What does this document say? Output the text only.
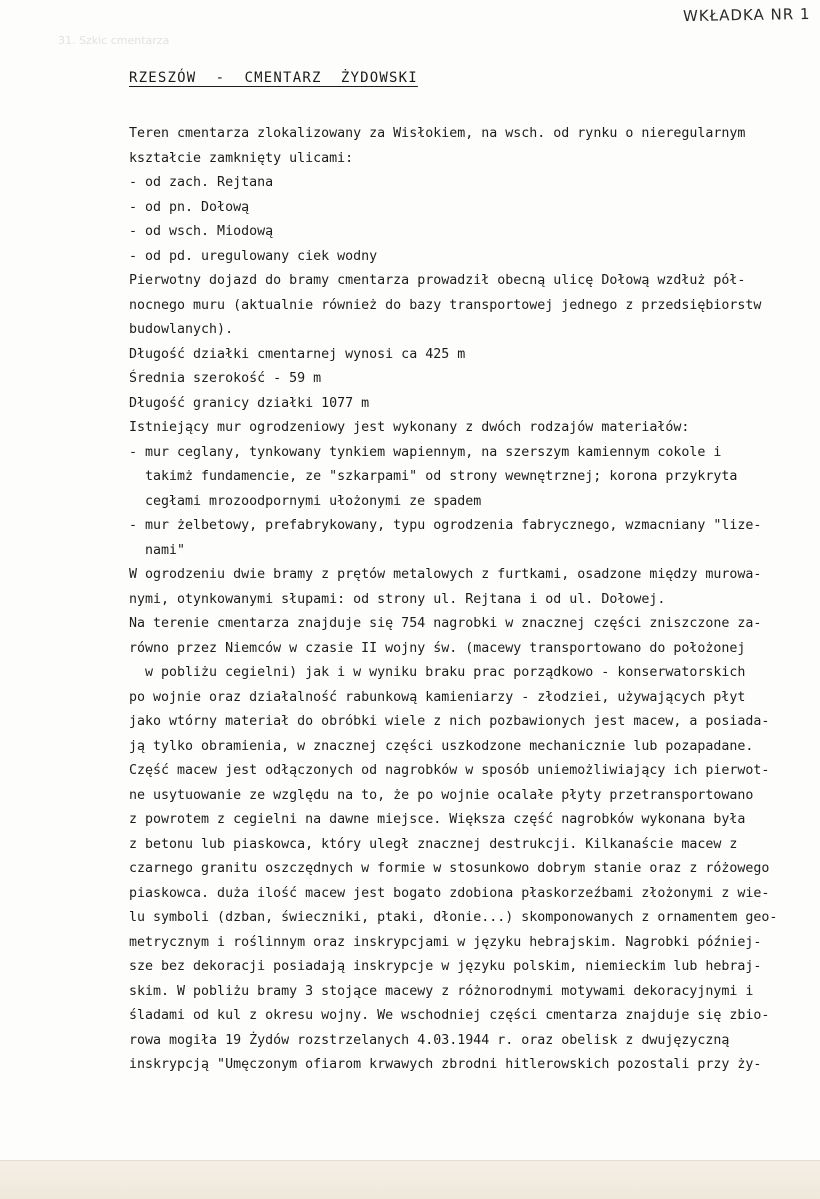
31. Szkic cmentarza
WKŁADKA NR 1
RZESZÓW  -  CMENTARZ  ŻYDOWSKI
Teren cmentarza zlokalizowany za Wisłokiem, na wsch. od rynku o nieregularnym
kształcie zamknięty ulicami:
- od zach. Rejtana
- od pn. Dołową
- od wsch. Miodową
- od pd. uregulowany ciek wodny
Pierwotny dojazd do bramy cmentarza prowadził obecną ulicę Dołową wzdłuż pół-
nocnego muru (aktualnie również do bazy transportowej jednego z przedsiębiorstw
budowlanych).
Długość działki cmentarnej wynosi ca 425 m
Średnia szerokość - 59 m
Długość granicy działki 1077 m
Istniejący mur ogrodzeniowy jest wykonany z dwóch rodzajów materiałów:
- mur ceglany, tynkowany tynkiem wapiennym, na szerszym kamiennym cokole i
takimż fundamencie, ze "szkarpami" od strony wewnętrznej; korona przykryta
cegłami mrozoodpornymi ułożonymi ze spadem
- mur żelbetowy, prefabrykowany, typu ogrodzenia fabrycznego, wzmacniany "lize-
nami"
W ogrodzeniu dwie bramy z prętów metalowych z furtkami, osadzone między murowa-
nymi, otynkowanymi słupami: od strony ul. Rejtana i od ul. Dołowej.
Na terenie cmentarza znajduje się 754 nagrobki w znacznej części zniszczone za-
równo przez Niemców w czasie II wojny św. (macewy transportowano do położonej
w pobliżu cegielni) jak i w wyniku braku prac porządkowo - konserwatorskich
po wojnie oraz działalność rabunkową kamieniarzy - złodziei, używających płyt
jako wtórny materiał do obróbki wiele z nich pozbawionych jest macew, a posiada-
ją tylko obramienia, w znacznej części uszkodzone mechanicznie lub pozapadane.
Część macew jest odłączonych od nagrobków w sposób uniemożliwiający ich pierwot-
ne usytuowanie ze względu na to, że po wojnie ocalałe płyty przetransportowano
z powrotem z cegielni na dawne miejsce. Większa część nagrobków wykonana była
z betonu lub piaskowca, który uległ znacznej destrukcji. Kilkanaście macew z
czarnego granitu oszczędnych w formie w stosunkowo dobrym stanie oraz z różowego
piaskowca. duża ilość macew jest bogato zdobiona płaskorzeźbami złożonymi z wie-
lu symboli (dzban, świeczniki, ptaki, dłonie...) skomponowanych z ornamentem geo-
metrycznym i roślinnym oraz inskrypcjami w języku hebrajskim. Nagrobki później-
sze bez dekoracji posiadają inskrypcje w języku polskim, niemieckim lub hebraj-
skim. W pobliżu bramy 3 stojące macewy z różnorodnymi motywami dekoracyjnymi i
śladami od kul z okresu wojny. We wschodniej części cmentarza znajduje się zbio-
rowa mogiła 19 Żydów rozstrzelanych 4.03.1944 r. oraz obelisk z dwujęzyczną
inskrypcją "Umęczonym ofiarom krwawych zbrodni hitlerowskich pozostali przy ży-
